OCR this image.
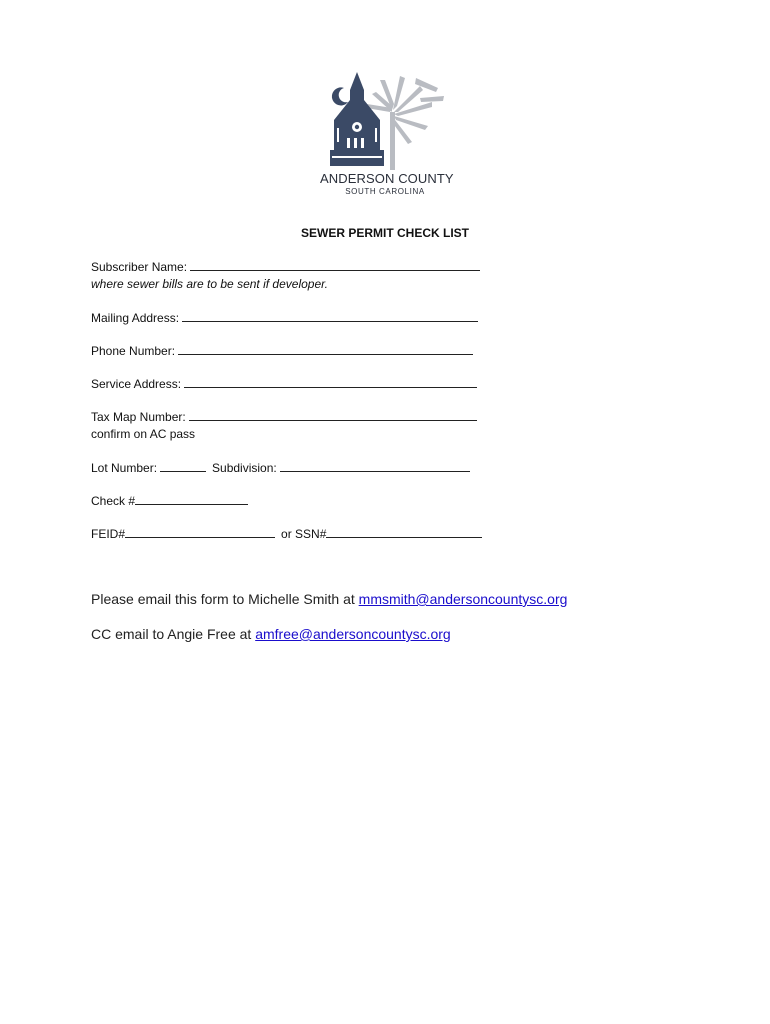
ANDERSON COUNTY
SOUTH CAROLINA
SEWER PERMIT CHECK LIST
Subscriber Name:
where sewer bills are to be sent if developer.
Mailing Address:
Phone Number:
Service Address:
Tax Map Number:
confirm on AC pass
Lot Number:	Subdivision:
Check #
FEID#	or SSN#
Please email this form to Michelle Smith at mmsmith@andersoncountysc.org
CC email to Angie Free at amfree@andersoncountysc.org
